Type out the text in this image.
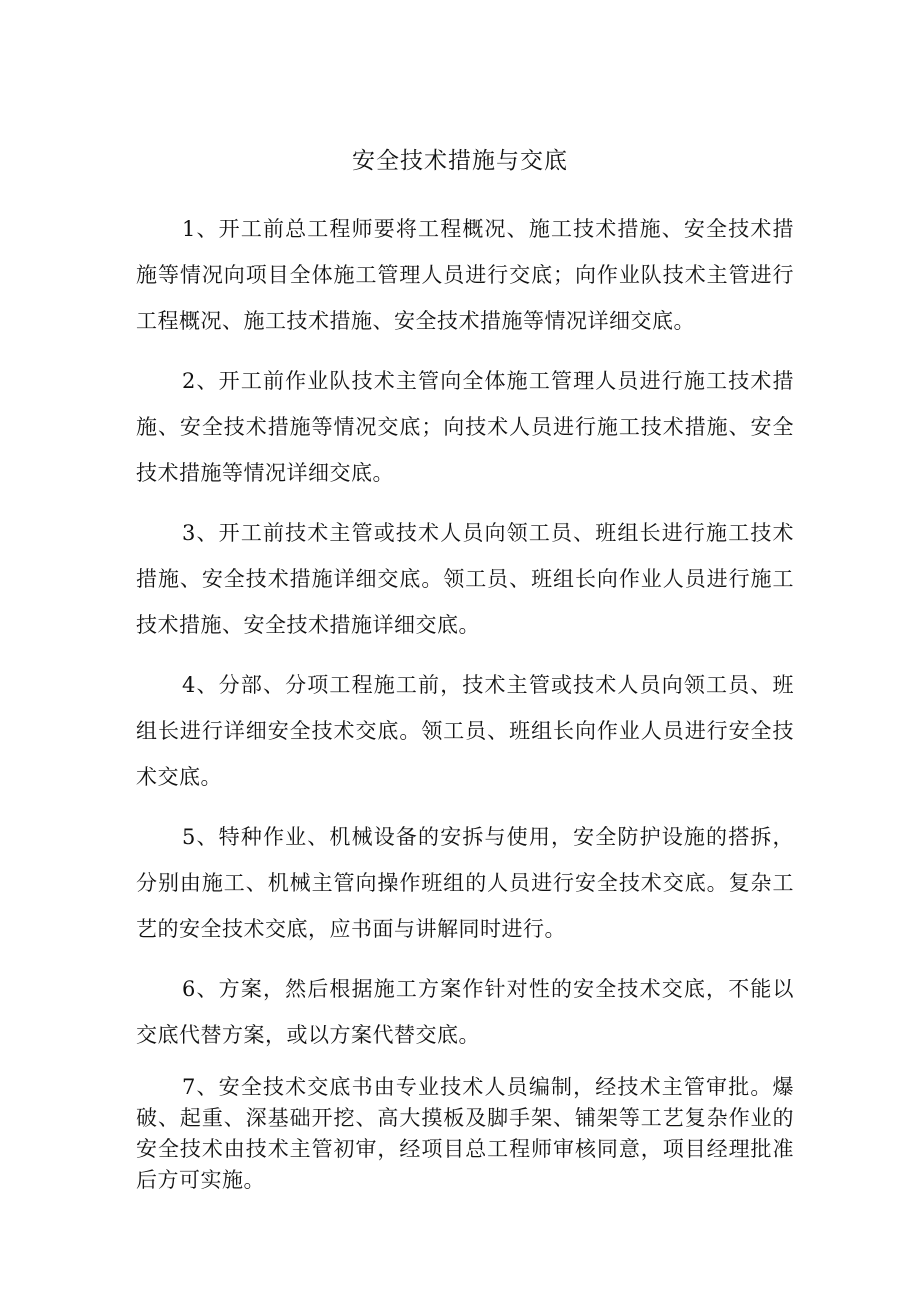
安全技术措施与交底

1、开工前总工程师要将工程概况、施工技术措施、安全技术措施等情况向项目全体施工管理人员进行交底；向作业队技术主管进行工程概况、施工技术措施、安全技术措施等情况详细交底。

2、开工前作业队技术主管向全体施工管理人员进行施工技术措施、安全技术措施等情况交底；向技术人员进行施工技术措施、安全技术措施等情况详细交底。

3、开工前技术主管或技术人员向领工员、班组长进行施工技术措施、安全技术措施详细交底。领工员、班组长向作业人员进行施工技术措施、安全技术措施详细交底。

4、分部、分项工程施工前，技术主管或技术人员向领工员、班组长进行详细安全技术交底。领工员、班组长向作业人员进行安全技术交底。

5、特种作业、机械设备的安拆与使用，安全防护设施的搭拆，分别由施工、机械主管向操作班组的人员进行安全技术交底。复杂工艺的安全技术交底，应书面与讲解同时进行。

6、方案，然后根据施工方案作针对性的安全技术交底，不能以交底代替方案，或以方案代替交底。

7、安全技术交底书由专业技术人员编制，经技术主管审批。爆破、起重、深基础开挖、高大摸板及脚手架、铺架等工艺复杂作业的安全技术由技术主管初审，经项目总工程师审核同意，项目经理批准后方可实施。
